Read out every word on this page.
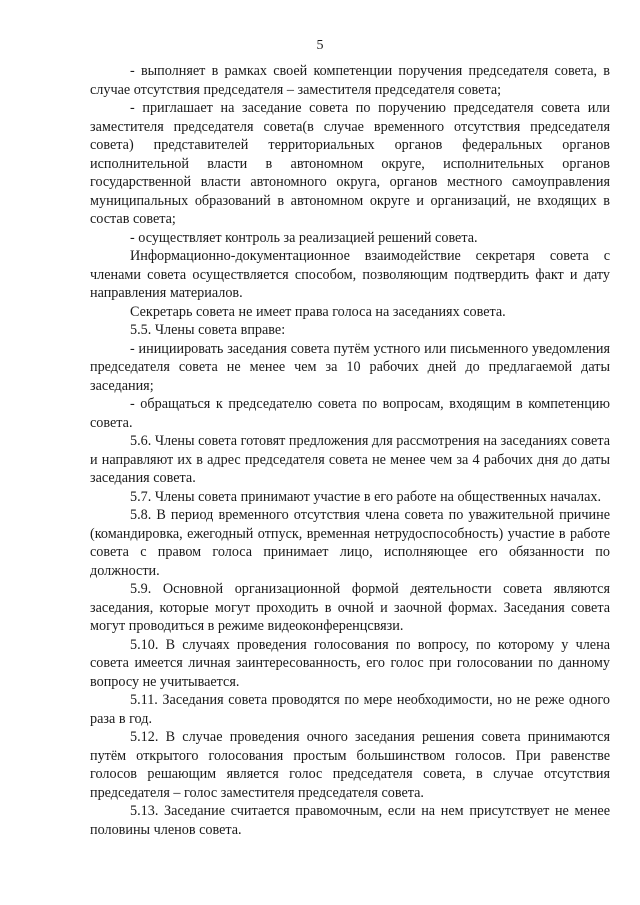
5

- выполняет в рамках своей компетенции поручения председателя совета, в случае отсутствия председателя – заместителя председателя совета;

- приглашает на заседание совета по поручению председателя совета или заместителя председателя совета(в случае временного отсутствия председателя совета) представителей территориальных органов федеральных органов исполнительной власти в автономном округе, исполнительных органов государственной власти автономного округа, органов местного самоуправления муниципальных образований в автономном округе и организаций, не входящих в состав совета;

- осуществляет контроль за реализацией решений совета.

Информационно-документационное взаимодействие секретаря совета с членами совета осуществляется способом, позволяющим подтвердить факт и дату направления материалов.

Секретарь совета не имеет права голоса на заседаниях совета.

5.5. Члены совета вправе:

- инициировать заседания совета путём устного или письменного уведомления председателя совета не менее чем за 10 рабочих дней до предлагаемой даты заседания;

- обращаться к председателю совета по вопросам, входящим в компетенцию совета.

5.6. Члены совета готовят предложения для рассмотрения на заседаниях совета и направляют их в адрес председателя совета не менее чем за 4 рабочих дня до даты заседания совета.

5.7. Члены совета принимают участие в его работе на общественных началах.

5.8. В период временного отсутствия члена совета по уважительной причине (командировка, ежегодный отпуск, временная нетрудоспособность) участие в работе совета с правом голоса принимает лицо, исполняющее его обязанности по должности.

5.9. Основной организационной формой деятельности совета являются заседания, которые могут проходить в очной и заочной формах. Заседания совета могут проводиться в режиме видеоконференцсвязи.

5.10. В случаях проведения голосования по вопросу, по которому у члена совета имеется личная заинтересованность, его голос при голосовании по данному вопросу не учитывается.

5.11. Заседания совета проводятся по мере необходимости, но не реже одного раза в год.

5.12. В случае проведения очного заседания решения совета принимаются путём открытого голосования простым большинством голосов. При равенстве голосов решающим является голос председателя совета, в случае отсутствия председателя – голос заместителя председателя совета.

5.13. Заседание считается правомочным, если на нем присутствует не менее половины членов совета.
